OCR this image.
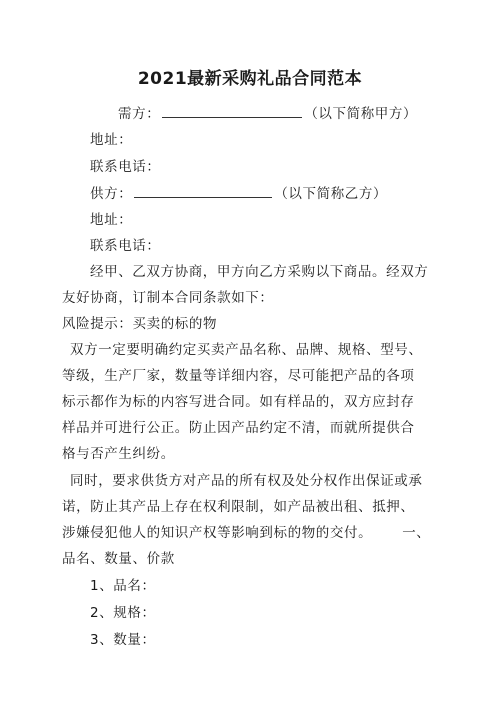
2021最新采购礼品合同范本
需方：	（以下简称甲方）
地址：
联系电话：
供方：	（以下简称乙方）
地址：
联系电话：
经甲、乙双方协商，甲方向乙方采购以下商品。经双方
友好协商，订制本合同条款如下：
风险提示：买卖的标的物
双方一定要明确约定买卖产品名称、品牌、规格、型号、
等级，生产厂家，数量等详细内容，尽可能把产品的各项
标示都作为标的内容写进合同。如有样品的，双方应封存
样品并可进行公正。防止因产品约定不清，而就所提供合
格与否产生纠纷。
同时，要求供货方对产品的所有权及处分权作出保证或承
诺，防止其产品上存在权利限制，如产品被出租、抵押、
涉嫌侵犯他人的知识产权等影响到标的物的交付。 一、
品名、数量、价款
1、品名：
2、规格：
3、数量：
